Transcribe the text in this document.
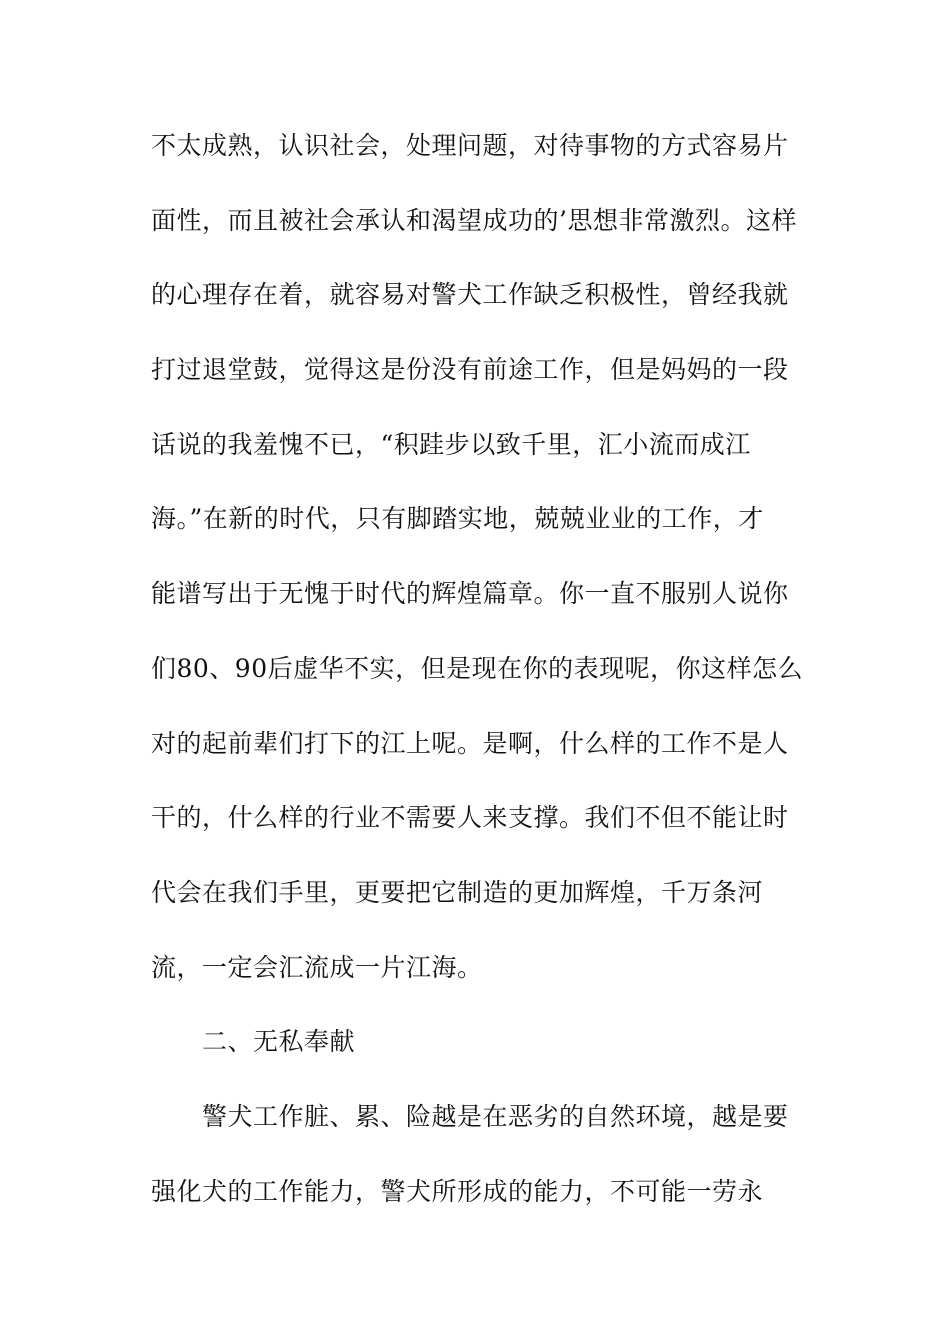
不太成熟，认识社会，处理问题，对待事物的方式容易片
面性，而且被社会承认和渴望成功的’思想非常激烈。这样
的心理存在着，就容易对警犬工作缺乏积极性，曾经我就
打过退堂鼓，觉得这是份没有前途工作，但是妈妈的一段
话说的我羞愧不已，“积跬步以致千里，汇小流而成江
海。”在新的时代，只有脚踏实地，兢兢业业的工作，才
能谱写出于无愧于时代的辉煌篇章。你一直不服别人说你
们80、90后虚华不实，但是现在你的表现呢，你这样怎么
对的起前辈们打下的江上呢。是啊，什么样的工作不是人
干的，什么样的行业不需要人来支撑。我们不但不能让时
代会在我们手里，更要把它制造的更加辉煌，千万条河
流，一定会汇流成一片江海。
二、无私奉献
警犬工作脏、累、险越是在恶劣的自然环境，越是要
强化犬的工作能力，警犬所形成的能力，不可能一劳永
